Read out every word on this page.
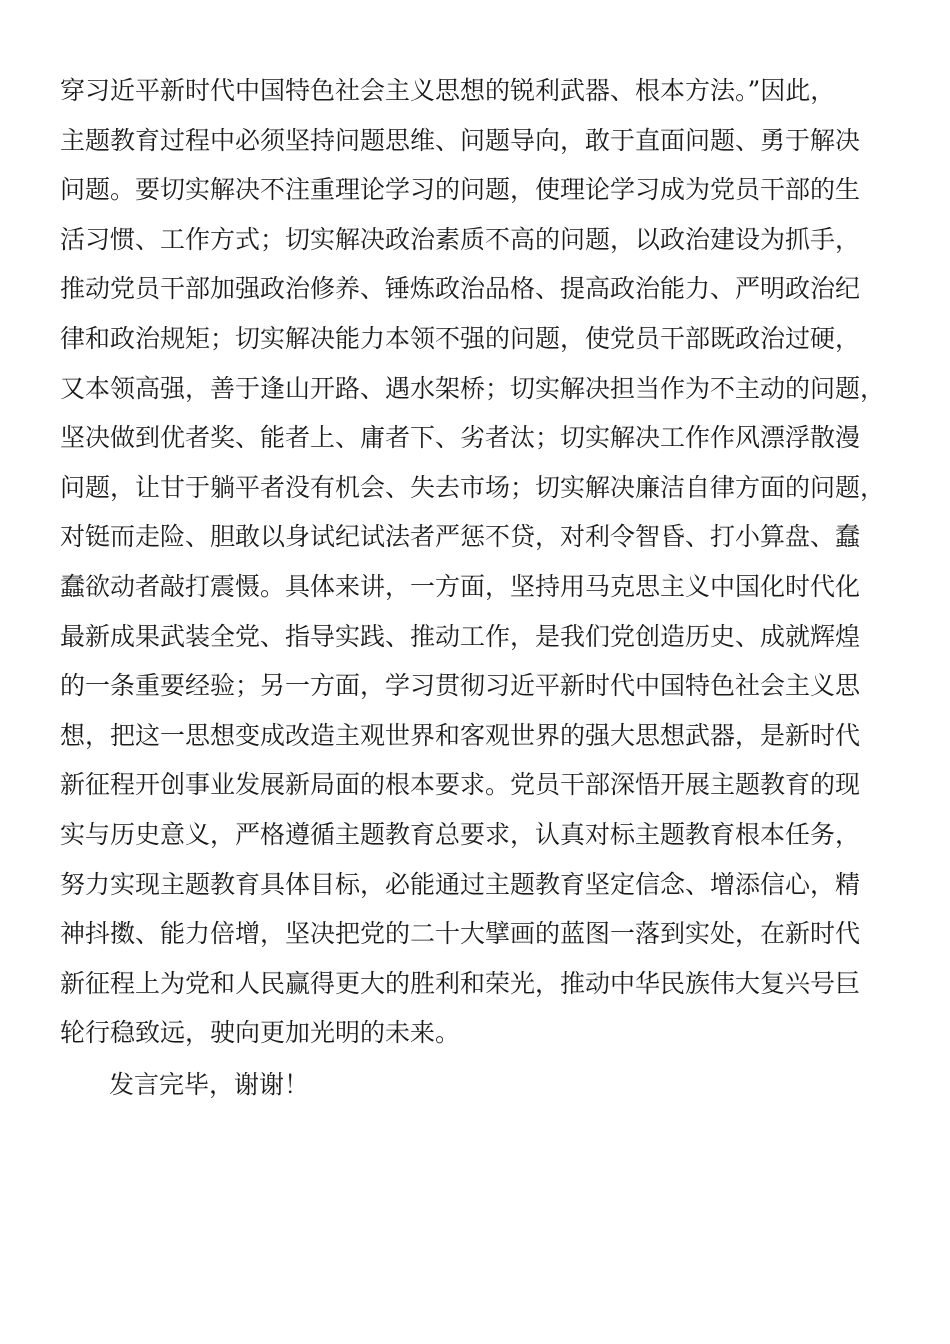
穿习近平新时代中国特色社会主义思想的锐利武器、根本方法。”因此，
主题教育过程中必须坚持问题思维、问题导向，敢于直面问题、勇于解决
问题。要切实解决不注重理论学习的问题，使理论学习成为党员干部的生
活习惯、工作方式；切实解决政治素质不高的问题，以政治建设为抓手，
推动党员干部加强政治修养、锤炼政治品格、提高政治能力、严明政治纪
律和政治规矩；切实解决能力本领不强的问题，使党员干部既政治过硬，
又本领高强，善于逢山开路、遇水架桥；切实解决担当作为不主动的问题，
坚决做到优者奖、能者上、庸者下、劣者汰；切实解决工作作风漂浮散漫
问题，让甘于躺平者没有机会、失去市场；切实解决廉洁自律方面的问题，
对铤而走险、胆敢以身试纪试法者严惩不贷，对利令智昏、打小算盘、蠢
蠢欲动者敲打震慑。具体来讲，一方面，坚持用马克思主义中国化时代化
最新成果武装全党、指导实践、推动工作，是我们党创造历史、成就辉煌
的一条重要经验；另一方面，学习贯彻习近平新时代中国特色社会主义思
想，把这一思想变成改造主观世界和客观世界的强大思想武器，是新时代
新征程开创事业发展新局面的根本要求。党员干部深悟开展主题教育的现
实与历史意义，严格遵循主题教育总要求，认真对标主题教育根本任务，
努力实现主题教育具体目标，必能通过主题教育坚定信念、增添信心，精
神抖擞、能力倍增，坚决把党的二十大擘画的蓝图一落到实处，在新时代
新征程上为党和人民赢得更大的胜利和荣光，推动中华民族伟大复兴号巨
轮行稳致远，驶向更加光明的未来。
发言完毕，谢谢！
